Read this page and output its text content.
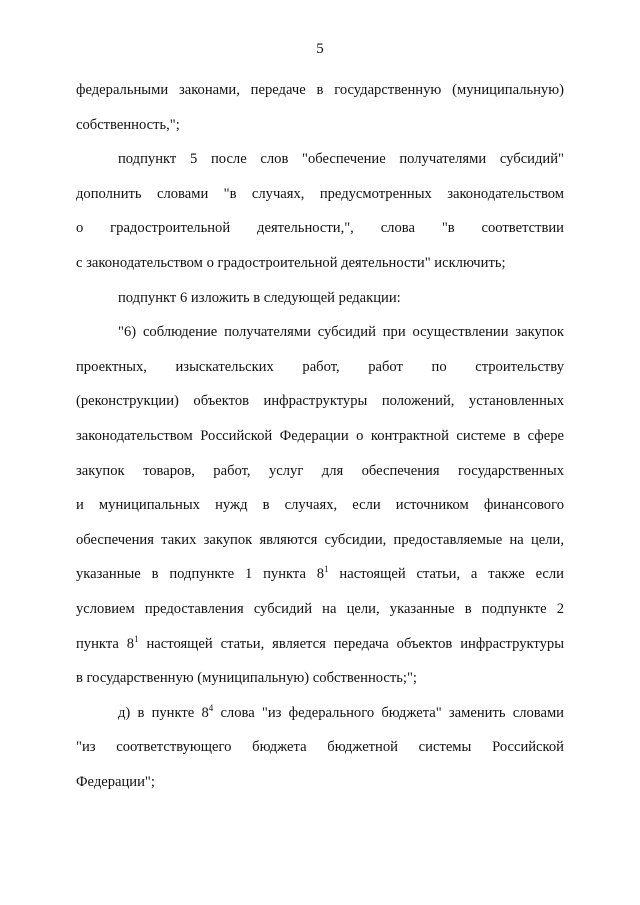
5
федеральными законами, передаче в государственную (муниципальную)
собственность,";
подпункт 5 после слов "обеспечение получателями субсидий"
дополнить словами "в случаях, предусмотренных законодательством
о градостроительной деятельности,", слова "в соответствии
с законодательством о градостроительной деятельности" исключить;
подпункт 6 изложить в следующей редакции:
"6) соблюдение получателями субсидий при осуществлении закупок
проектных, изыскательских работ, работ по строительству
(реконструкции) объектов инфраструктуры положений, установленных
законодательством Российской Федерации о контрактной системе в сфере
закупок товаров, работ, услуг для обеспечения государственных
и муниципальных нужд в случаях, если источником финансового
обеспечения таких закупок являются субсидии, предоставляемые на цели,
указанные в подпункте 1 пункта $8^1$ настоящей статьи, а также если
условием предоставления субсидий на цели, указанные в подпункте 2
пункта $8^1$ настоящей статьи, является передача объектов инфраструктуры
в государственную (муниципальную) собственность;";
д) в пункте $8^4$ слова "из федерального бюджета" заменить словами
"из соответствующего бюджета бюджетной системы Российской
Федерации";
